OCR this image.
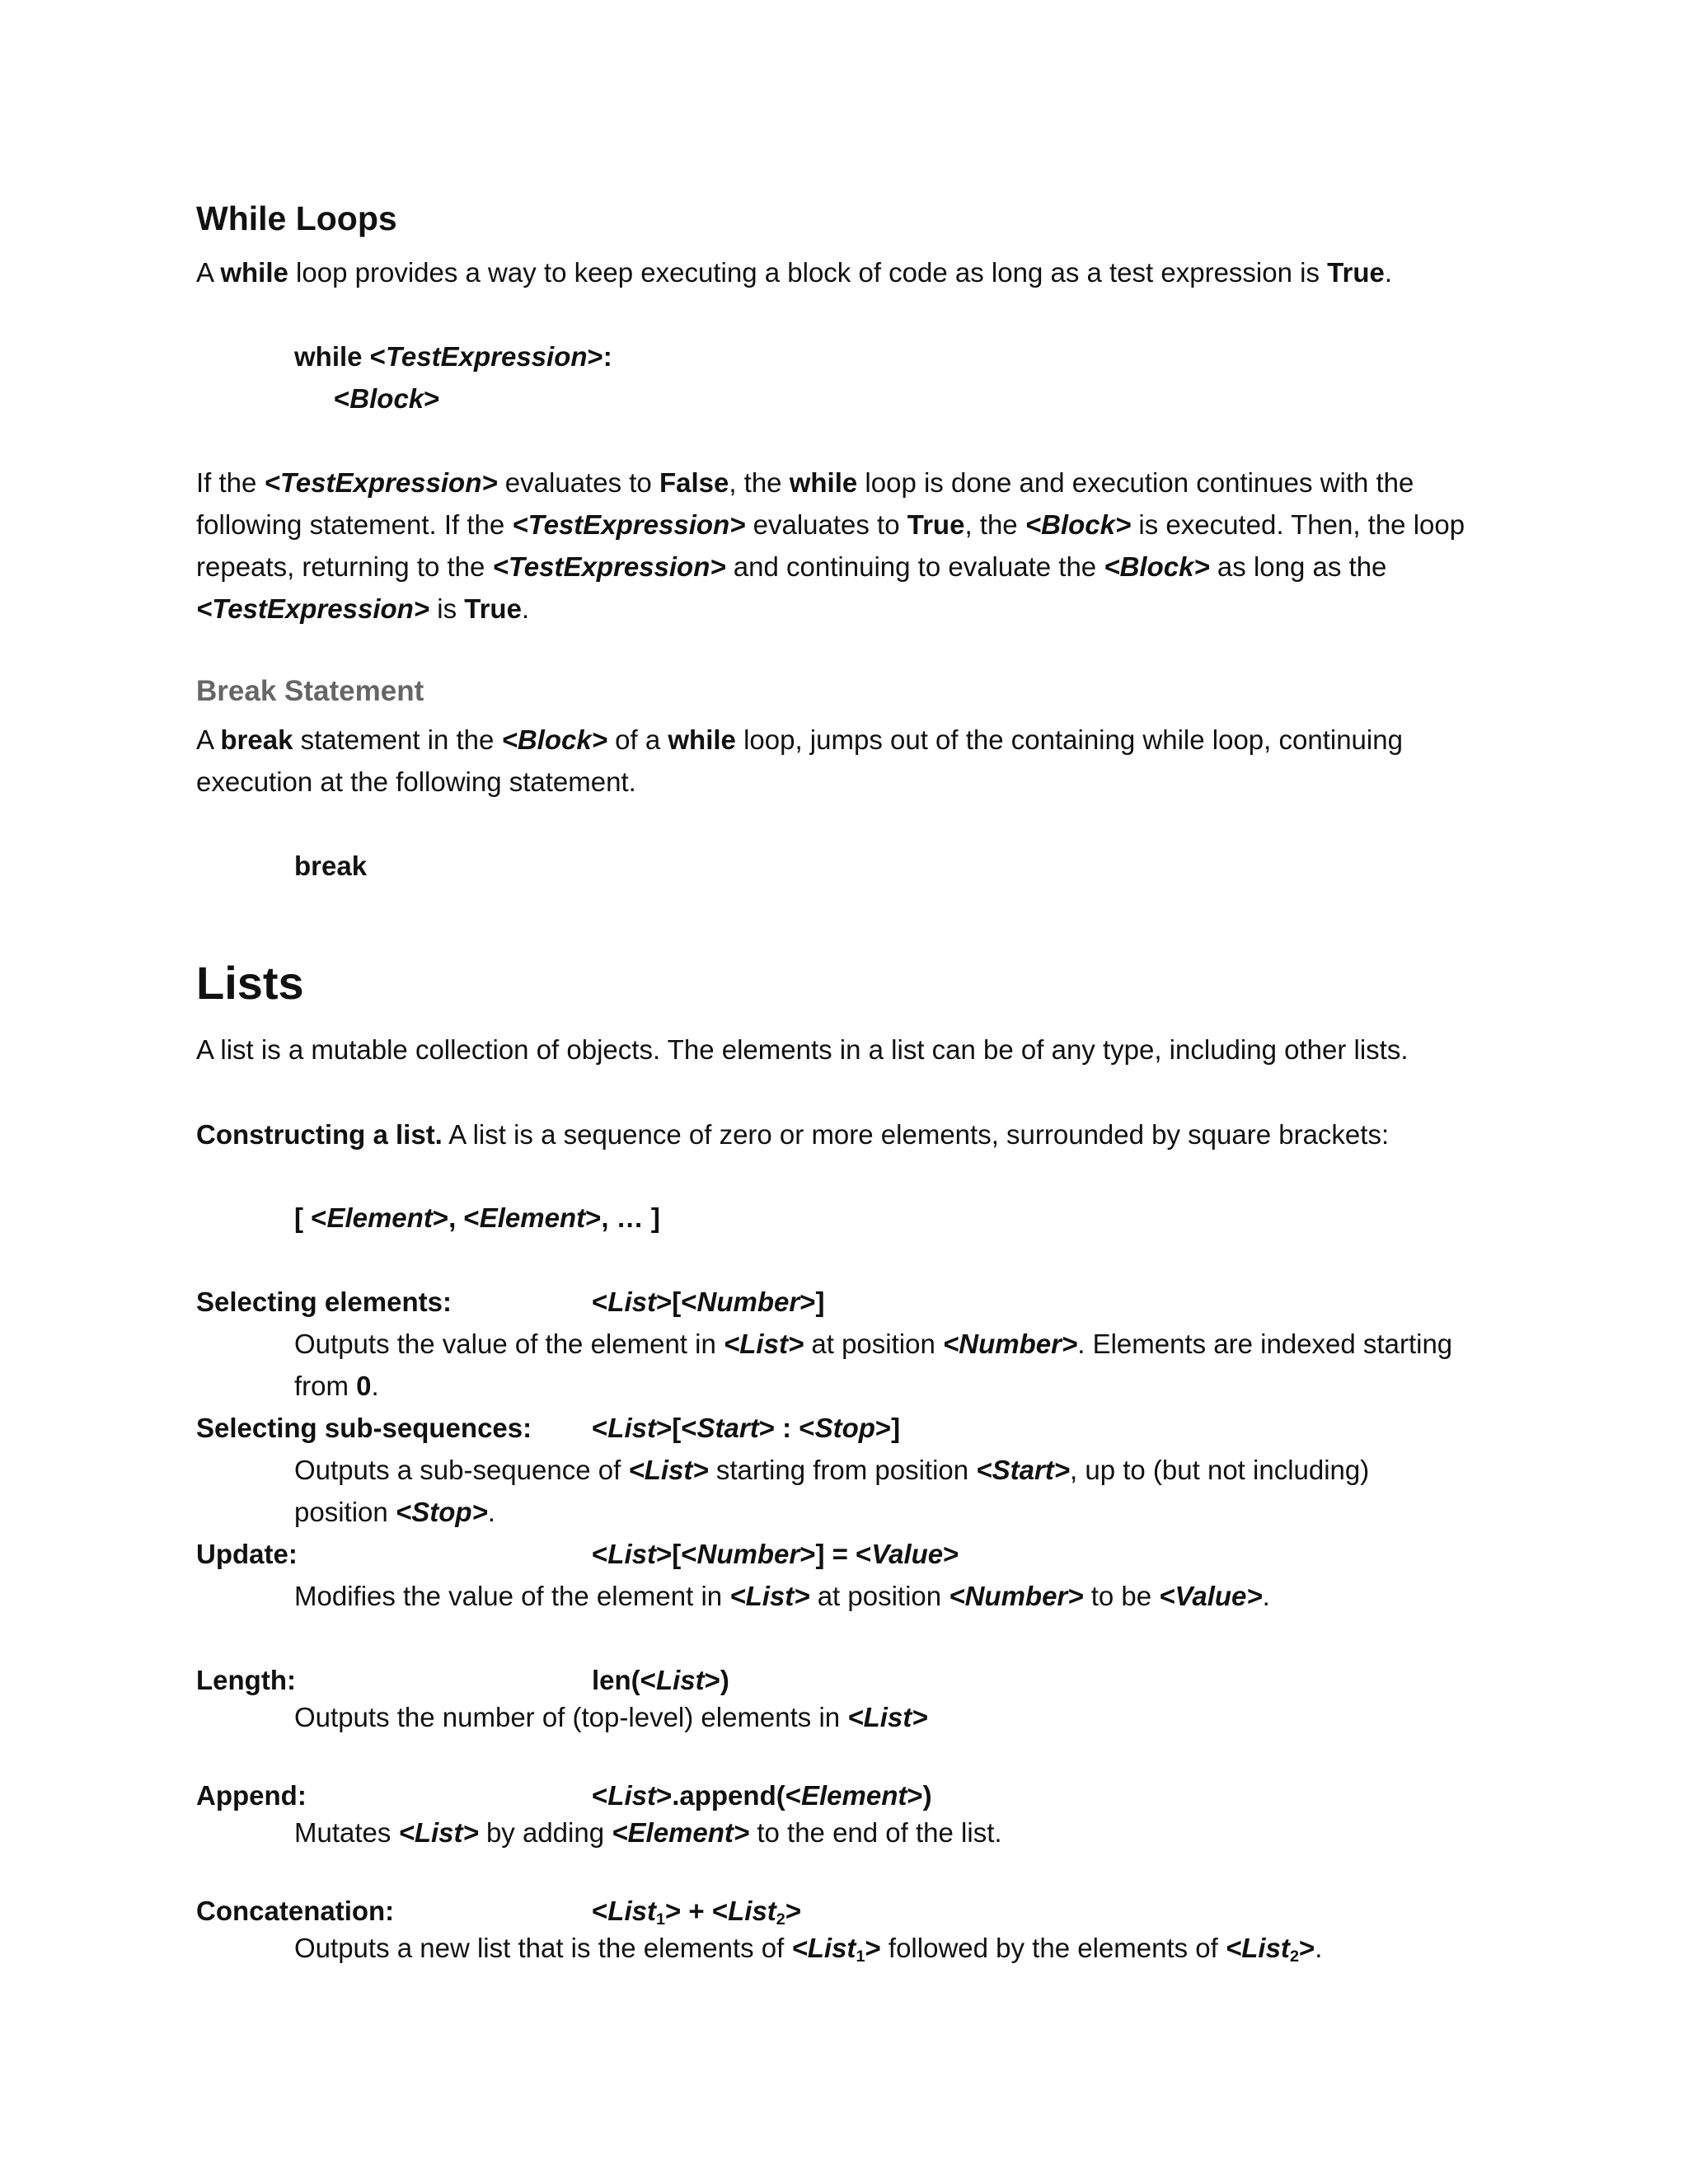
While Loops
A while loop provides a way to keep executing a block of code as long as a test expression is True.
while <TestExpression>:
<Block>
If the <TestExpression> evaluates to False, the while loop is done and execution continues with the
following statement. If the <TestExpression> evaluates to True, the <Block> is executed. Then, the loop
repeats, returning to the <TestExpression> and continuing to evaluate the <Block> as long as the
<TestExpression> is True.
Break Statement
A break statement in the <Block> of a while loop, jumps out of the containing while loop, continuing
execution at the following statement.
break
Lists
A list is a mutable collection of objects. The elements in a list can be of any type, including other lists.
Constructing a list. A list is a sequence of zero or more elements, surrounded by square brackets:
[ <Element>, <Element>, … ]
Selecting elements:	<List>[<Number>]
Outputs the value of the element in <List> at position <Number>. Elements are indexed starting
from 0.
Selecting sub-sequences: <List>[<Start> : <Stop>]
Outputs a sub-sequence of <List> starting from position <Start>, up to (but not including)
position <Stop>.
Update:	<List>[<Number>] = <Value>
Modifies the value of the element in <List> at position <Number> to be <Value>.
Length:	len(<List>)
Outputs the number of (top-level) elements in <List>
Append:	<List>.append(<Element>)
Mutates <List> by adding <Element> to the end of the list.
Concatenation:	<List$_1$> + <List$_2$>
Outputs a new list that is the elements of <List$_1$> followed by the elements of <List$_2$>.
